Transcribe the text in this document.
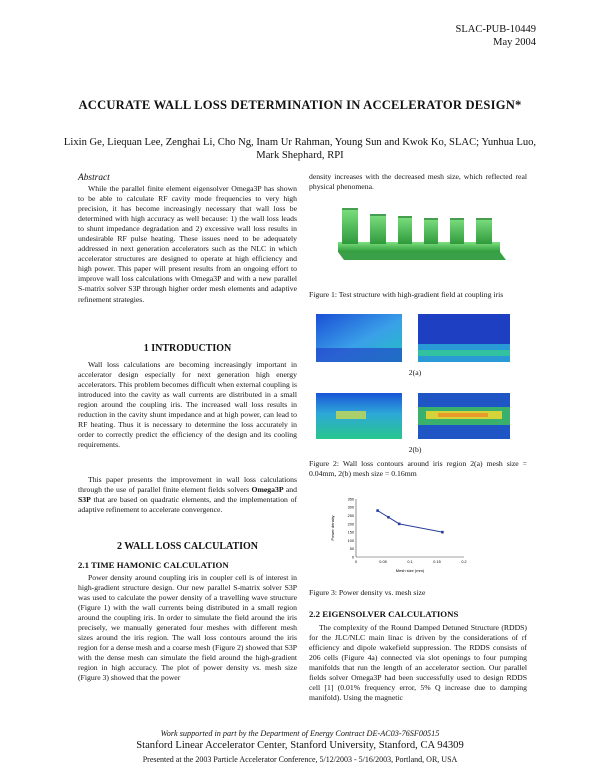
SLAC-PUB-10449
May 2004
ACCURATE WALL LOSS DETERMINATION IN ACCELERATOR DESIGN*
Lixin Ge, Liequan Lee, Zenghai Li, Cho Ng, Inam Ur Rahman, Young Sun and Kwok Ko, SLAC; Yunhua Luo, Mark Shephard, RPI
Abstract

While the parallel finite element eigensolver Omega3P has shown to be able to calculate RF cavity mode frequencies to very high precision, it has become increasingly necessary that wall loss be determined with high accuracy as well because: 1) the wall loss leads to shunt impedance degradation and 2) excessive wall loss results in undesirable RF pulse heating. These issues need to be adequately addressed in next generation accelerators such as the NLC in which accelerator structures are designed to operate at high efficiency and high power. This paper will present results from an ongoing effort to improve wall loss calculations with Omega3P and with a new parallel S-matrix solver S3P through higher order mesh elements and adaptive refinement strategies.

1 INTRODUCTION

Wall loss calculations are becoming increasingly important in accelerator design especially for next generation high energy accelerators. This problem becomes difficult when external coupling is introduced into the cavity as wall currents are distributed in a small region around the coupling iris. The increased wall loss results in reduction in the cavity shunt impedance and at high power, can lead to RF heating. Thus it is necessary to determine the loss accurately in order to correctly predict the efficiency of the design and its cooling requirements.

This paper presents the improvement in wall loss calculations through the use of parallel finite element fields solvers Omega3P and S3P that are based on quadratic elements, and the implementation of adaptive refinement to accelerate convergence.

2 WALL LOSS CALCULATION
2.1 TIME HAMONIC CALCULATION

Power density around coupling iris in coupler cell is of interest in high-gradient structure design. Our new parallel S-matrix solver S3P was used to calculate the power density of a travelling wave structure (Figure 1) with the wall currents being distributed in a small region around the coupling iris. In order to simulate the field around the iris precisely, we manually generated four meshes with different mesh sizes around the iris region. The wall loss contours around the iris region for a dense mesh and a coarse mesh (Figure 2) showed that S3P with the dense mesh can simulate the field around the high-gradient region in high accuracy. The plot of power density vs. mesh size (Figure 3) showed that the power

density increases with the decreased mesh size, which reflected real physical phenomena.

Figure 1: Test structure with high-gradient field at coupling iris
2(a)
2(b)
Figure 2: Wall loss contours around iris region 2(a) mesh size = 0.04mm, 2(b) mesh size = 0.16mm
0
50
100
150
200
250
300
350
0	0.05	0.1	0.15	0.2
Power density
Mesh size (mm)
Figure 3: Power density vs. mesh size
2.2 EIGENSOLVER CALCULATIONS

The complexity of the Round Damped Detuned Structure (RDDS) for the JLC/NLC main linac is driven by the considerations of rf efficiency and dipole wakefield suppression. The RDDS consists of 206 cells (Figure 4a) connected via slot openings to four pumping manifolds that run the length of an accelerator section. Our parallel fields solver Omega3P had been successfully used to design RDDS cell [1] (0.01% frequency error, 5% Q increase due to damping manifold). Using the magnetic

Work supported in part by the Department of Energy Contract DE-AC03-76SF00515
Stanford Linear Accelerator Center, Stanford University, Stanford, CA 94309
Presented at the 2003 Particle Accelerator Conference, 5/12/2003 - 5/16/2003, Portland, OR, USA
